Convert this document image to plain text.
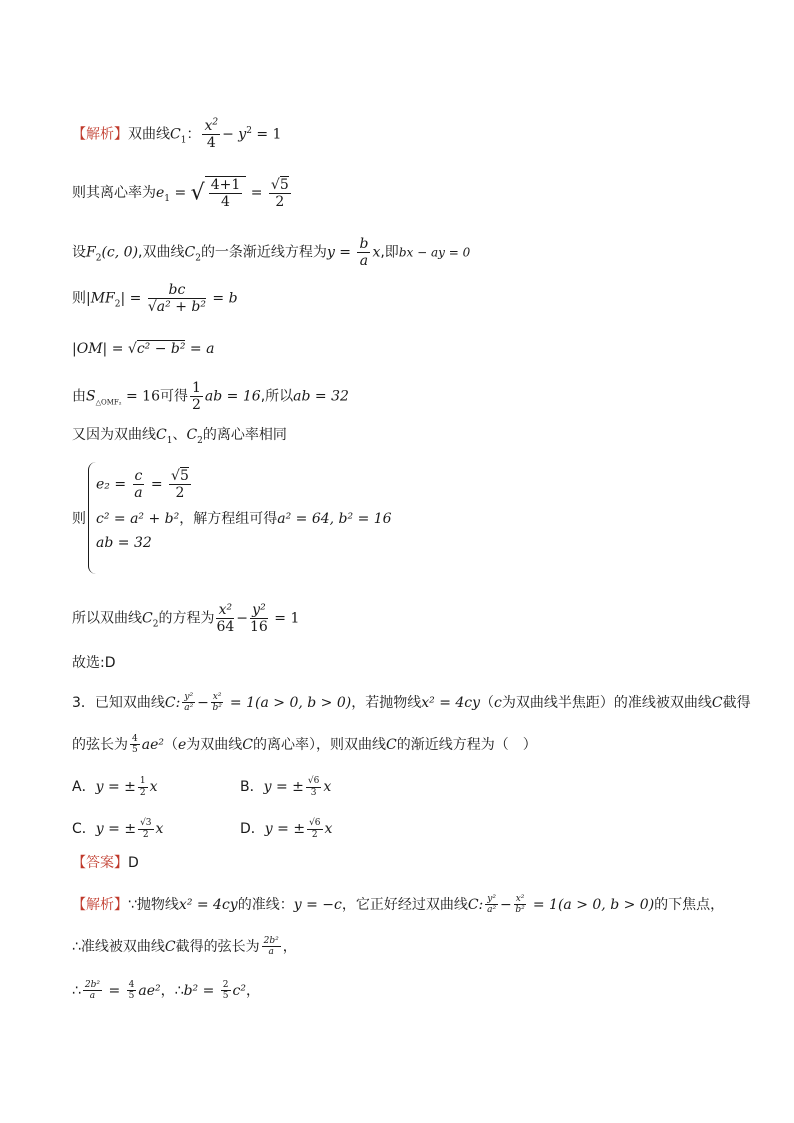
【解析】双曲线$C_1$： $\frac{x^2}{4} - y^2 = 1$
则其离心率为$e_1$ = √ $\frac{4+1}{4} = \frac{√5}{2}$
设$F_2(c$, 0),双曲线$C_2$的一条渐近线方程为$y = \frac{b}{a} x$,即bx − ay = 0
则$|MF_2| = \frac{bc}{\text{√a² + b²}} = b$
|OM| = √c² − b² = a
由$S_{\triangle OMF_2} = 16$可得 $\frac{1}{2}$ ab = 16,所以ab = 32
又因为双曲线$C_1$、$C_2$的离心率相同
则
$e_2 = \frac{c}{a} = \frac{√5}{2}$
c² = a² + b²，解方程组可得a² = 64, b² = 16
ab = 32
所以双曲线$C_2$的方程为 $\frac{\text{x²}}{64} - \frac{\text{y²}}{16} = 1$
故选:D
3．已知双曲线C: $\frac{\text{y²}}{\text{a²}} - \frac{\text{x²}}{\text{b²}} = 1(a > 0$, b > 0)，若抛物线x² = 4cy（c为双曲线半焦距）的准线被双曲线C截得
的弦长为 $\frac{4}{5} ae^2(e$为双曲线C的离心率），则双曲线C的渐近线方程为（　）
A．y = ± $\frac{1}{2}$ x	B．y = ± $\frac{√6}{3}$ x
C．y = ± $\frac{√3}{2}$ x	D．y = ± $\frac{√6}{2}$ x
【答案】D
【解析】∵抛物线x² = 4cy的准线：y = −c，它正好经过双曲线C: $\frac{\text{y²}}{\text{a²}} - \frac{\text{x²}}{\text{b²}} = 1(a > 0$, b > 0)的下焦点，
∴准线被双曲线C截得的弦长为 $\frac{\text{2b²}}{a}$ ，
∴ $\frac{\text{2b²}}{a} = \frac{4}{5} ae^2$，∴b² = $\frac{2}{5} c^2$，
